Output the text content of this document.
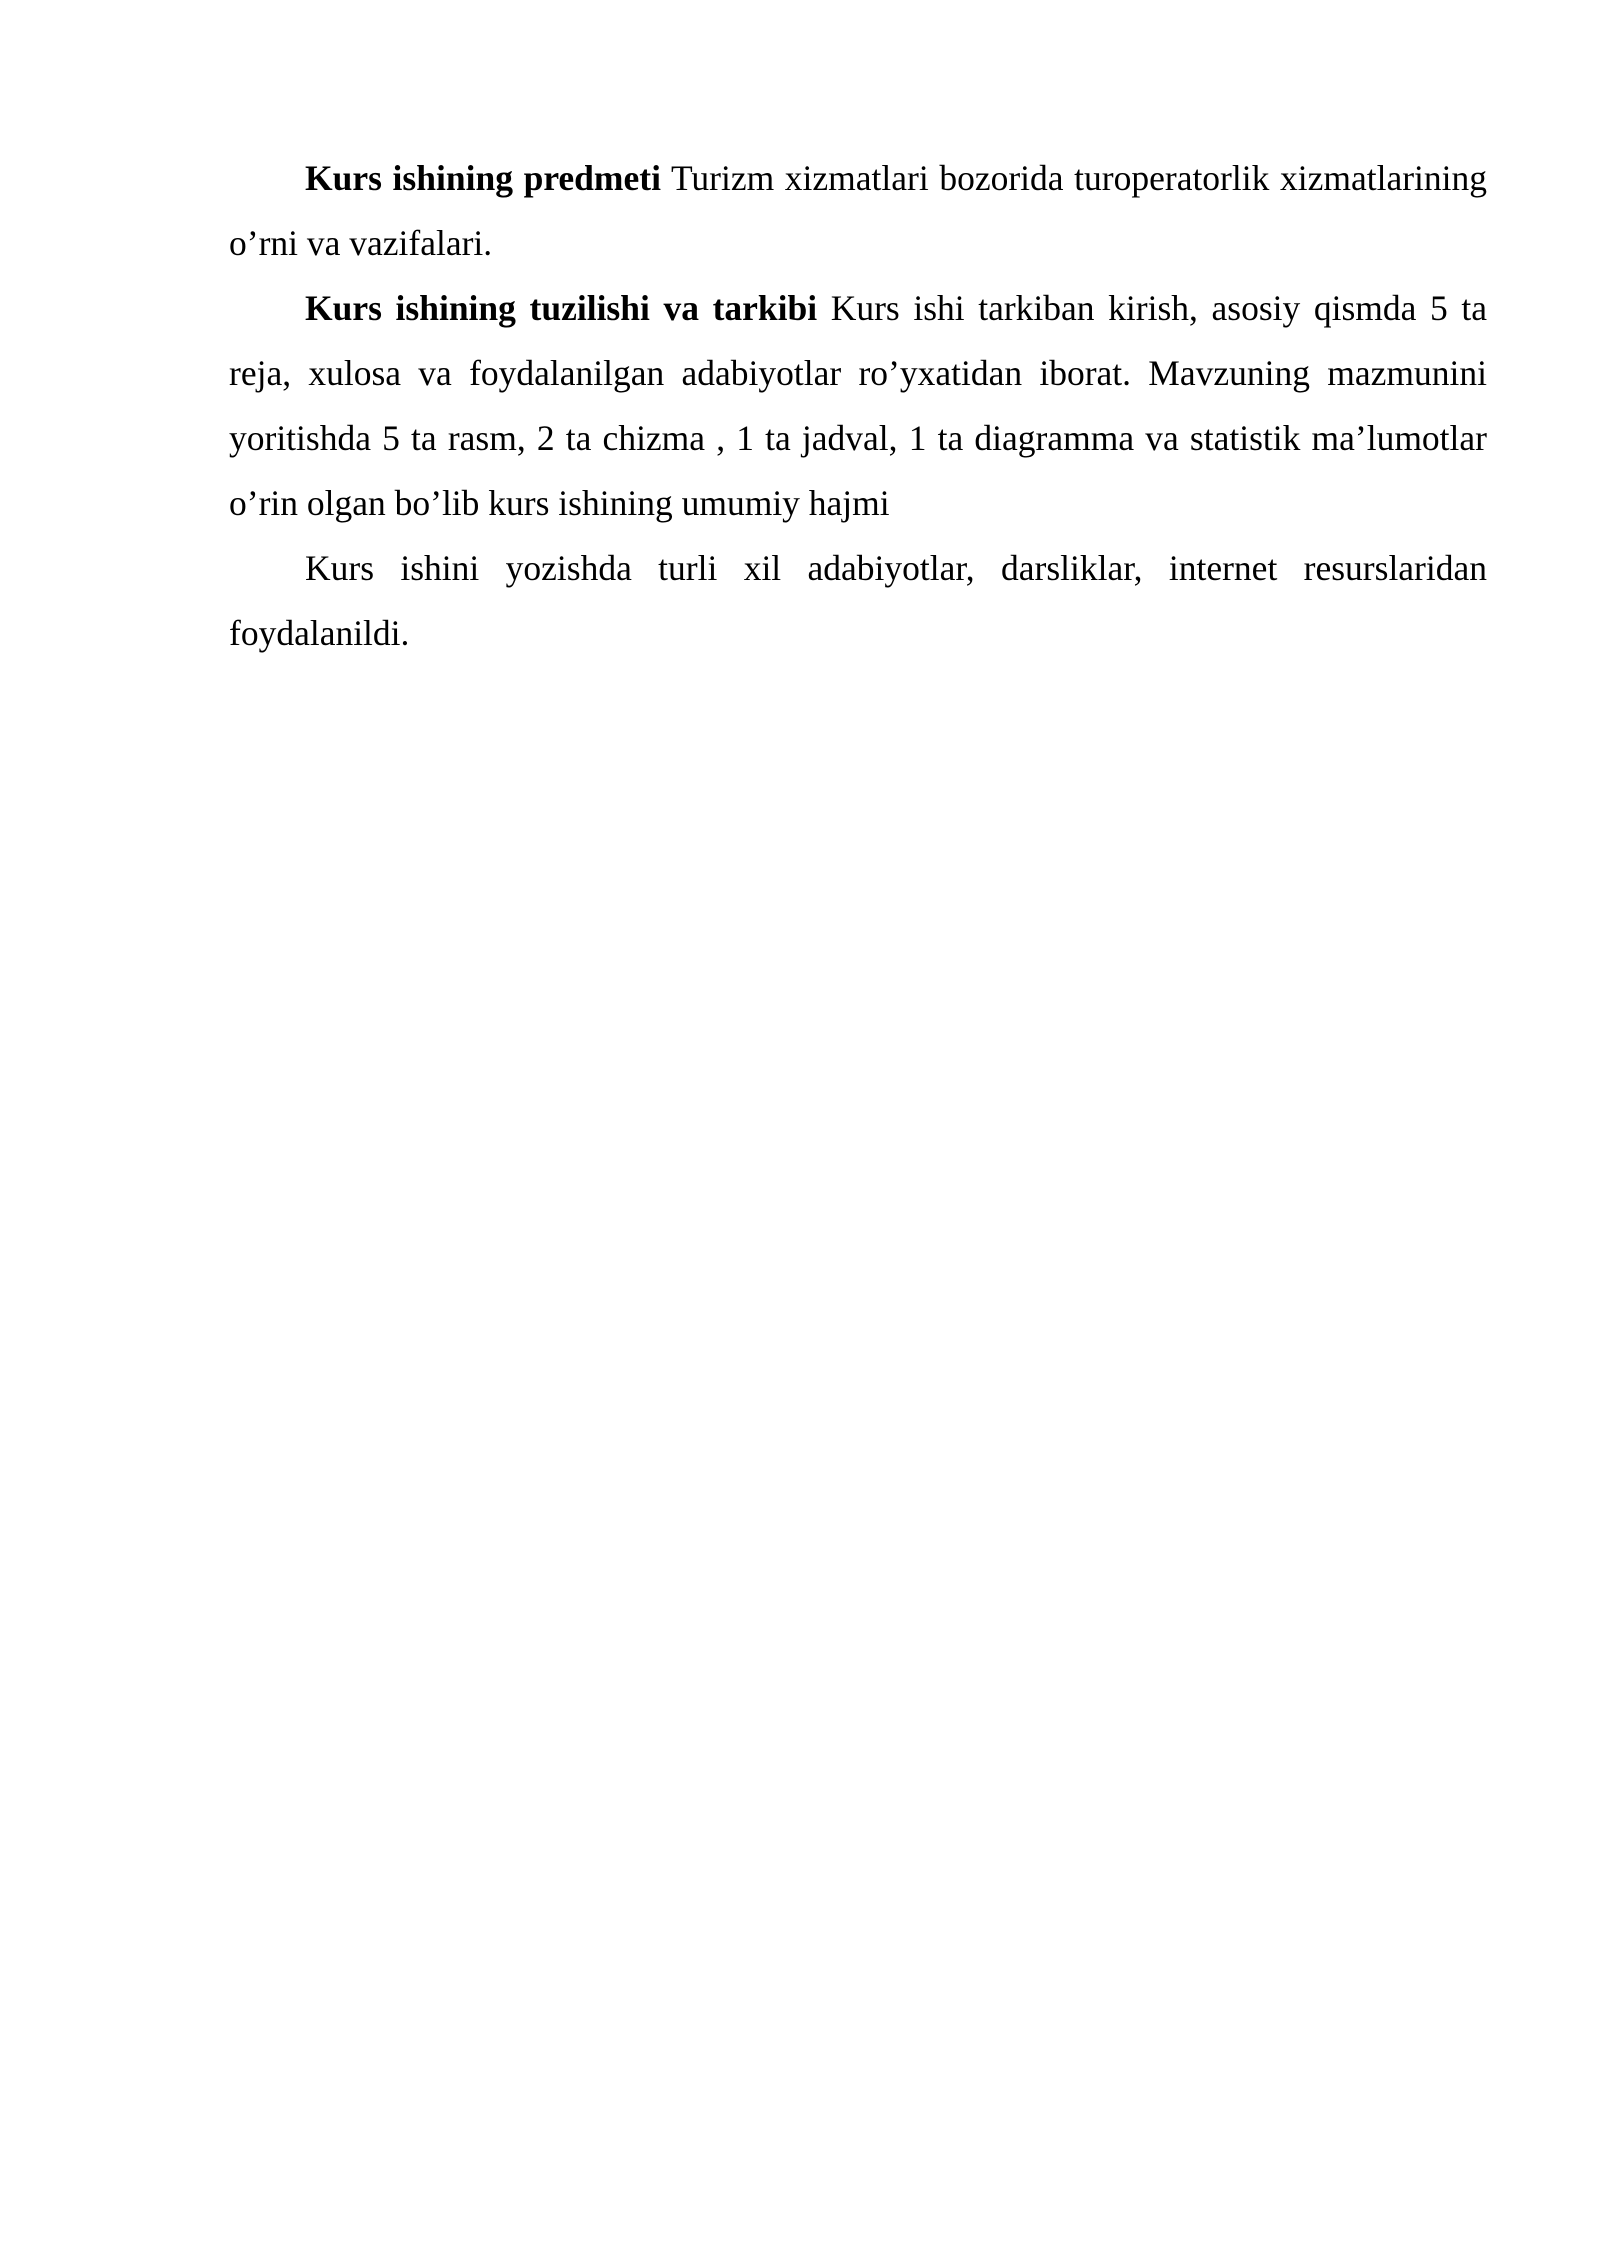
Kurs ishining predmeti Turizm xizmatlari bozorida turoperatorlik xizmatlarining o’rni va vazifalari.

Kurs ishining tuzilishi va tarkibi Kurs ishi tarkiban kirish, asosiy qismda 5 ta reja, xulosa va foydalanilgan adabiyotlar ro’yxatidan iborat. Mavzuning mazmunini yoritishda 5 ta rasm, 2 ta chizma , 1 ta jadval, 1 ta diagramma va statistik ma’lumotlar o’rin olgan bo’lib kurs ishining umumiy hajmi

Kurs ishini yozishda turli xil adabiyotlar, darsliklar, internet resurslaridan foydalanildi.
